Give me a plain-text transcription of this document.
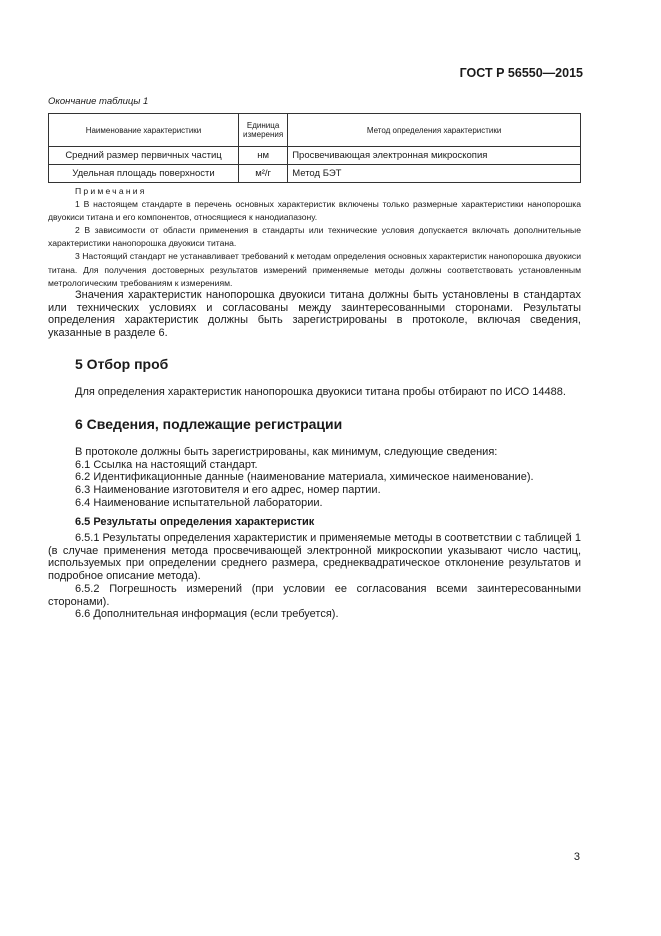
ГОСТ Р 56550—2015
Окончание таблицы 1
Наименование характеристики	Единица измерения	Метод определения характеристики
Средний размер первичных частиц	нм	Просвечивающая электронная микроскопия
Удельная площадь поверхности	м²/г	Метод БЭТ
Примечания

1 В настоящем стандарте в перечень основных характеристик включены только размерные характеристики нанопорошка двуокиси титана и его компонентов, относящиеся к нанодиапазону.

2 В зависимости от области применения в стандарты или технические условия допускается включать дополнительные характеристики нанопорошка двуокиси титана.

3 Настоящий стандарт не устанавливает требований к методам определения основных характеристик нанопорошка двуокиси титана. Для получения достоверных результатов измерений применяемые методы должны соответствовать установленным метрологическим требованиям к измерениям.

Значения характеристик нанопорошка двуокиси титана должны быть установлены в стандартах или технических условиях и согласованы между заинтересованными сторонами. Результаты определения характеристик должны быть зарегистрированы в протоколе, включая сведения, указанные в разделе 6.

5 Отбор проб

Для определения характеристик нанопорошка двуокиси титана пробы отбирают по ИСО 14488.

6 Сведения, подлежащие регистрации

В протоколе должны быть зарегистрированы, как минимум, следующие сведения:

6.1 Ссылка на настоящий стандарт.

6.2 Идентификационные данные (наименование материала, химическое наименование).

6.3 Наименование изготовителя и его адрес, номер партии.

6.4 Наименование испытательной лаборатории.

6.5 Результаты определения характеристик

6.5.1 Результаты определения характеристик и применяемые методы в соответствии с таблицей 1 (в случае применения метода просвечивающей электронной микроскопии указывают число частиц, используемых при определении среднего размера, среднеквадратическое отклонение результатов и подробное описание метода).

6.5.2 Погрешность измерений (при условии ее согласования всеми заинтересованными сторонами).

6.6 Дополнительная информация (если требуется).

3
